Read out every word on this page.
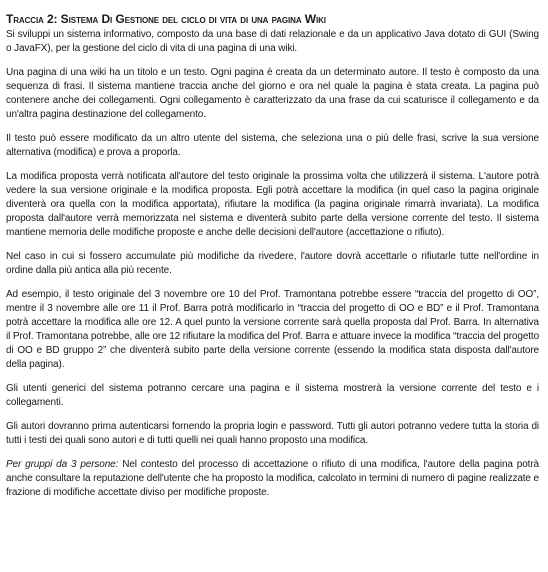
Traccia 2: Sistema Di Gestione del ciclo di vita di una pagina Wiki

Si sviluppi un sistema informativo, composto da una base di dati relazionale e da un applicativo Java dotato di GUI (Swing o JavaFX), per la gestione del ciclo di vita di una pagina di una wiki.

Una pagina di una wiki ha un titolo e un testo. Ogni pagina è creata da un determinato autore. Il testo è composto da una sequenza di frasi. Il sistema mantiene traccia anche del giorno e ora nel quale la pagina è stata creata. La pagina può contenere anche dei collegamenti. Ogni collegamento è caratterizzato da una frase da cui scaturisce il collegamento e da un'altra pagina destinazione del collegamento.

Il testo può essere modificato da un altro utente del sistema, che seleziona una o più delle frasi, scrive la sua versione alternativa (modifica) e prova a proporla.

La modifica proposta verrà notificata all'autore del testo originale la prossima volta che utilizzerà il sistema. L'autore potrà vedere la sua versione originale e la modifica proposta. Egli potrà accettare la modifica (in quel caso la pagina originale diventerà ora quella con la modifica apportata), rifiutare la modifica (la pagina originale rimarrà invariata). La modifica proposta dall'autore verrà memorizzata nel sistema e diventerà subito parte della versione corrente del testo. Il sistema mantiene memoria delle modifiche proposte e anche delle decisioni dell'autore (accettazione o rifiuto).

Nel caso in cui si fossero accumulate più modifiche da rivedere, l'autore dovrà accettarle o rifiutarle tutte nell'ordine in ordine dalla più antica alla più recente.

Ad esempio, il testo originale del 3 novembre ore 10 del Prof. Tramontana potrebbe essere “traccia del progetto di OO”, mentre il 3 novembre alle ore 11 il Prof. Barra potrà modificarlo in “traccia del progetto di OO e BD” e il Prof. Tramontana potrà accettare la modifica alle ore 12. A quel punto la versione corrente sarà quella proposta dal Prof. Barra. In alternativa il Prof. Tramontana potrebbe, alle ore 12 rifiutare la modifica del Prof. Barra e attuare invece la modifica “traccia del progetto di OO e BD gruppo 2” che diventerà subito parte della versione corrente (essendo la modifica stata disposta dall'autore della pagina).

Gli utenti generici del sistema potranno cercare una pagina e il sistema mostrerà la versione corrente del testo e i collegamenti.

Gli autori dovranno prima autenticarsi fornendo la propria login e password. Tutti gli autori potranno vedere tutta la storia di tutti i testi dei quali sono autori e di tutti quelli nei quali hanno proposto una modifica.

Per gruppi da 3 persone: Nel contesto del processo di accettazione o rifiuto di una modifica, l'autore della pagina potrà anche consultare la reputazione dell'utente che ha proposto la modifica, calcolato in termini di numero di pagine realizzate e frazione di modifiche accettate diviso per modifiche proposte.
